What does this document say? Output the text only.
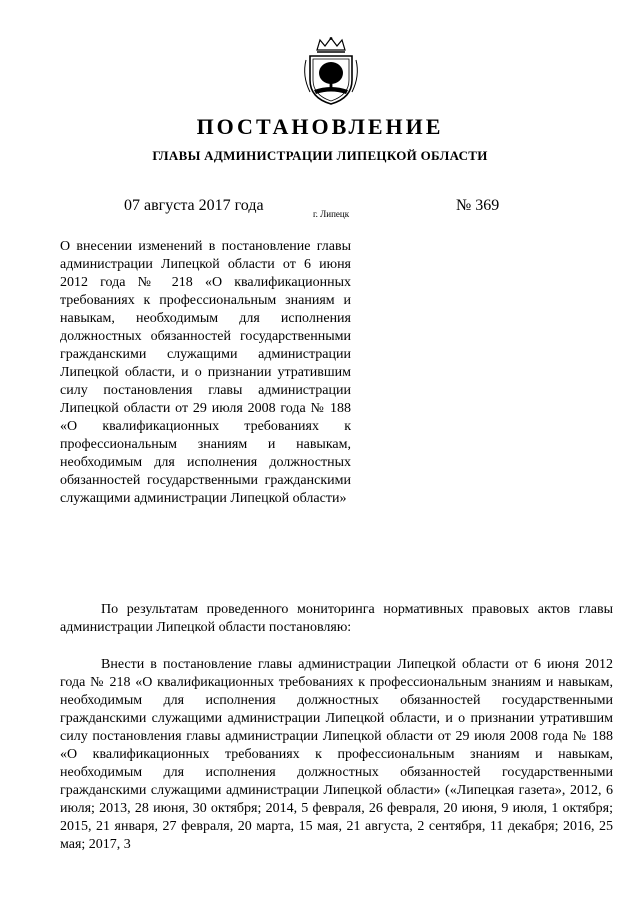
ПОСТАНОВЛЕНИЕ
ГЛАВЫ АДМИНИСТРАЦИИ ЛИПЕЦКОЙ ОБЛАСТИ
07 августа 2017 года	г. Липецк	№ 369
О внесении изменений в постановление главы администрации Липецкой области от 6 июня 2012 года № 218 «О квалификационных требованиях к профессиональным знаниям и навыкам, необходимым для исполнения должностных обязанностей государственными гражданскими служащими администрации Липецкой области, и о признании утратившим силу постановления главы администрации Липецкой области от 29 июля 2008 года № 188 «О квалификационных требованиях к профессиональным знаниям и навыкам, необходимым для исполнения должностных обязанностей государственными гражданскими служащими администрации Липецкой области»

По результатам проведенного мониторинга нормативных правовых актов главы администрации Липецкой области постановляю:

Внести в постановление главы администрации Липецкой области от 6 июня 2012 года № 218 «О квалификационных требованиях к профессиональным знаниям и навыкам, необходимым для исполнения должностных обязанностей государственными гражданскими служащими администрации Липецкой области, и о признании утратившим силу постановления главы администрации Липецкой области от 29 июля 2008 года № 188 «О квалификационных требованиях к профессиональным знаниям и навыкам, необходимым для исполнения должностных обязанностей государственными гражданскими служащими администрации Липецкой области» («Липецкая газета», 2012, 6 июля; 2013, 28 июня, 30 октября; 2014, 5 февраля, 26 февраля, 20 июня, 9 июля, 1 октября; 2015, 21 января, 27 февраля, 20 марта, 15 мая, 21 августа, 2 сентября, 11 декабря; 2016, 25 мая; 2017, 3
